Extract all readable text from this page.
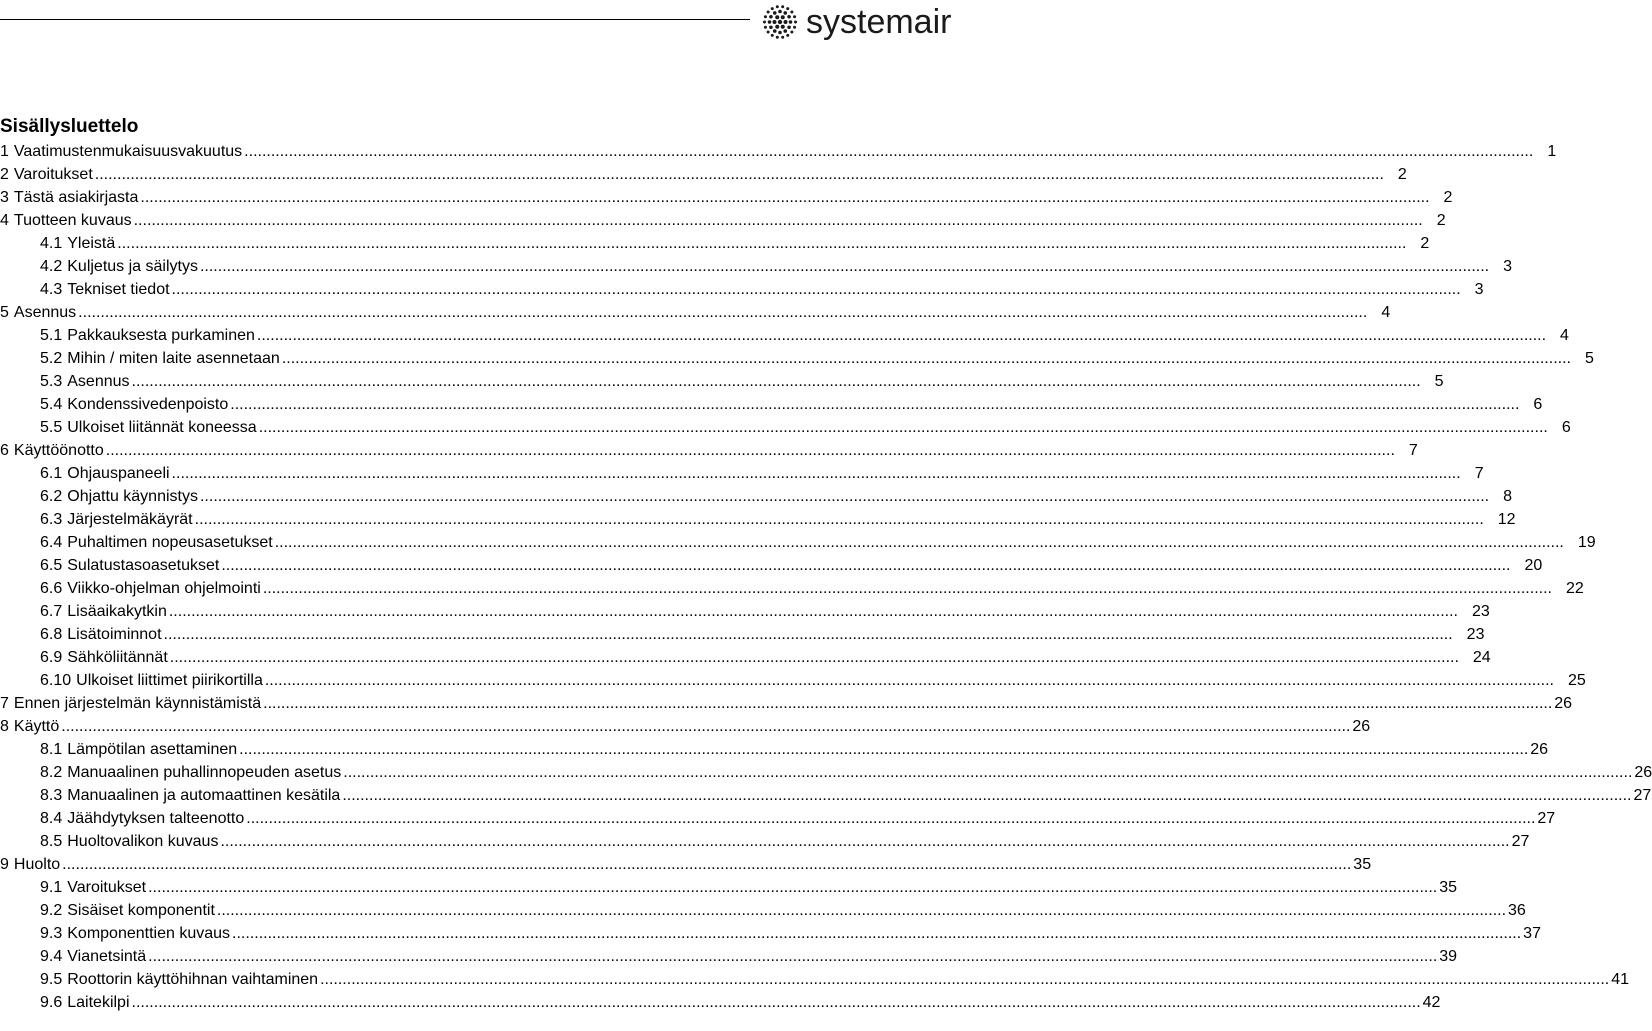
systemair
Sisällysluettelo
1 Vaatimustenmukaisuusvakuutus .....	1
2 Varoitukset .....	2
3 Tästä asiakirjasta .....	2
4 Tuotteen kuvaus .....	2
4.1 Yleistä .....	2
4.2 Kuljetus ja säilytys .....	3
4.3 Tekniset tiedot .....	3
5 Asennus .....	4
5.1 Pakkauksesta purkaminen .....	4
5.2 Mihin / miten laite asennetaan .....	5
5.3 Asennus .....	5
5.4 Kondenssivedenpoisto .....	6
5.5 Ulkoiset liitännät koneessa .....	6
6 Käyttöönotto .....	7
6.1 Ohjauspaneeli .....	7
6.2 Ohjattu käynnistys .....	8
6.3 Järjestelmäkäyrät .....	12
6.4 Puhaltimen nopeusasetukset .....	19
6.5 Sulatustasoasetukset .....	20
6.6 Viikko-ohjelman ohjelmointi .....	22
6.7 Lisäaikakytkin .....	23
6.8 Lisätoiminnot .....	23
6.9 Sähköliitännät .....	24
6.10 Ulkoiset liittimet piirikortilla .....	25
7 Ennen järjestelmän käynnistämistä .....	26
8 Käyttö .....	26
8.1 Lämpötilan asettaminen .....	26
8.2 Manuaalinen puhallinnopeuden asetus .....	26
8.3 Manuaalinen ja automaattinen kesätila .....	27
8.4 Jäähdytyksen talteenotto .....	27
8.5 Huoltovalikon kuvaus .....	27
9 Huolto .....	35
9.1 Varoitukset .....	35
9.2 Sisäiset komponentit .....	36
9.3 Komponenttien kuvaus .....	37
9.4 Vianetsintä .....	39
9.5 Roottorin käyttöhihnan vaihtaminen .....	41
9.6 Laitekilpi .....	42
